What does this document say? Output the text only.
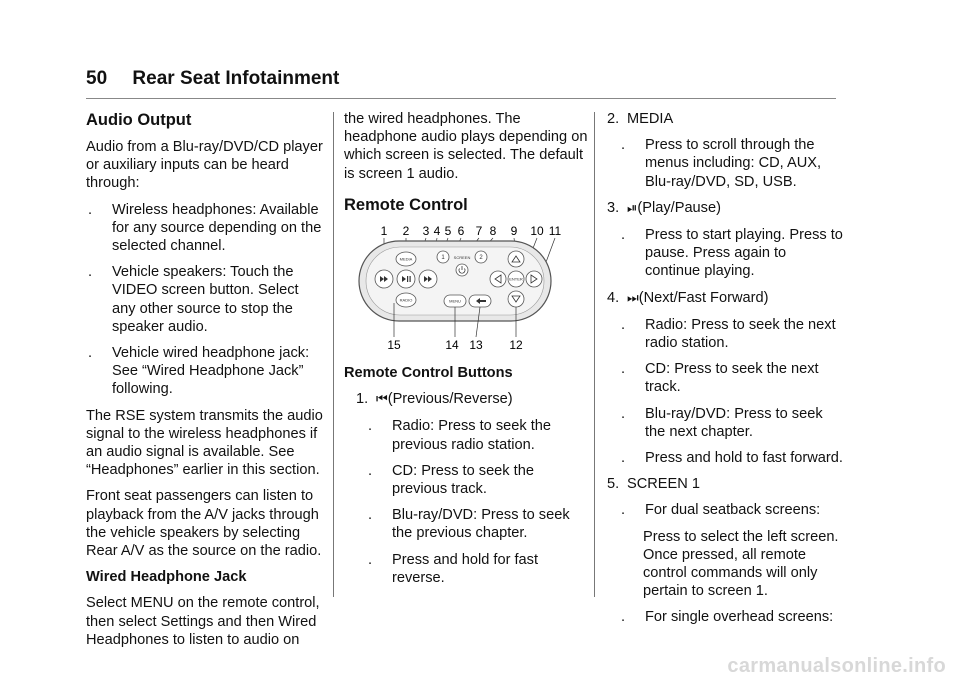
50 Rear Seat Infotainment
Audio Output

Audio from a Blu-ray/DVD/CD player or auxiliary inputs can be heard through:

.	Wireless headphones: Available for any source depending on the selected channel.
.	Vehicle speakers: Touch the VIDEO screen button. Select any other source to stop the speaker audio.
.	Vehicle wired headphone jack: See “Wired Headphone Jack” following.

The RSE system transmits the audio signal to the wireless headphones if an audio signal is available. See “Headphones” earlier in this section.

Front seat passengers can listen to playback from the A/V jacks through the vehicle speakers by selecting Rear A/V as the source on the radio.

Wired Headphone Jack

Select MENU on the remote control, then select Settings and then Wired Headphones to listen to audio on

the wired headphones. The headphone audio plays depending on which screen is selected. The default is screen 1 audio.

Remote Control
1 2 3 4 5 6 7 8 9 10 11
MEDIA
RADIO	MENU
SCREEN
ENTER
1	2
15	14 13 12
Remote Control Buttons
1. ⏮(Previous/Reverse)
.	Radio: Press to seek the previous radio station.
.	CD: Press to seek the previous track.
.	Blu-ray/DVD: Press to seek the previous chapter.
.	Press and hold for fast reverse.
2. MEDIA
.	Press to scroll through the menus including: CD, AUX, Blu-ray/DVD, SD, USB.
3. ⏯(Play/Pause)
.	Press to start playing. Press to pause. Press again to continue playing.
4. ⏭(Next/Fast Forward)
.	Radio: Press to seek the next radio station.
.	CD: Press to seek the next track.
.	Blu-ray/DVD: Press to seek the next chapter.
.	Press and hold to fast forward.
5. SCREEN 1
.	For dual seatback screens:

Press to select the left screen. Once pressed, all remote control commands will only pertain to screen 1.

.	For single overhead screens:
carmanualsonline.info
